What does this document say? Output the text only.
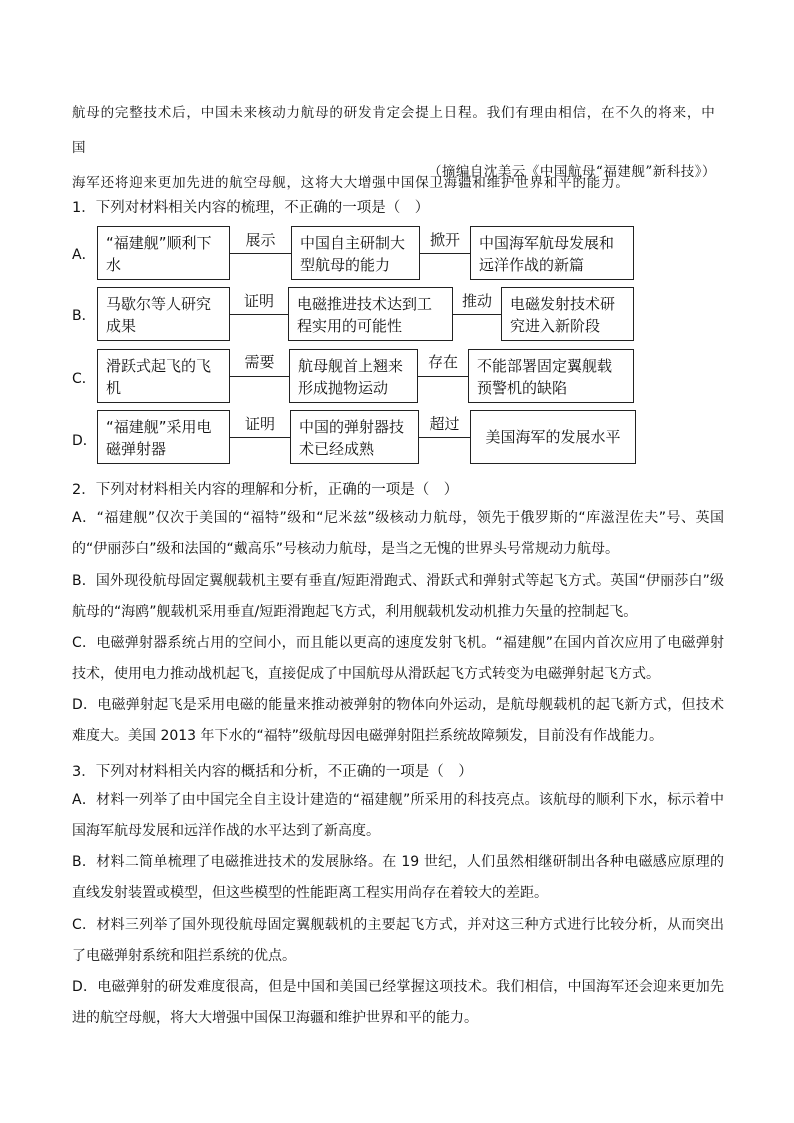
航母的完整技术后，中国未来核动力航母的研发肯定会提上日程。我们有理由相信，在不久的将来，中国
海军还将迎来更加先进的航空母舰，这将大大增强中国保卫海疆和维护世界和平的能力。
（摘编自沈美云《中国航母“福建舰”新科技》）
1．下列对材料相关内容的梳理，不正确的一项是（　）
A．
“福建舰”顺利下水
展示	中国自主研制大型航母的能力
掀开	中国海军航母发展和远洋作战的新篇
B．
马歇尔等人研究成果
证明	电磁推进技术达到工程实用的可能性
推动	电磁发射技术研究进入新阶段
C．
滑跃式起飞的飞机
需要	航母舰首上翘来形成抛物运动
存在	不能部署固定翼舰载预警机的缺陷
D．
“福建舰”采用电磁弹射器
证明	中国的弹射器技术已经成熟
超过
美国海军的发展水平
2．下列对材料相关内容的理解和分析，正确的一项是（　）
A．“福建舰”仅次于美国的“福特”级和“尼米兹”级核动力航母，领先于俄罗斯的“库滋涅佐夫”号、英国的“伊丽莎白”级和法国的“戴高乐”号核动力航母，是当之无愧的世界头号常规动力航母。
B．国外现役航母固定翼舰载机主要有垂直/短距滑跑式、滑跃式和弹射式等起飞方式。英国“伊丽莎白”级航母的“海鸥”舰载机采用垂直/短距滑跑起飞方式，利用舰载机发动机推力矢量的控制起飞。
C．电磁弹射器系统占用的空间小，而且能以更高的速度发射飞机。“福建舰”在国内首次应用了电磁弹射技术，使用电力推动战机起飞，直接促成了中国航母从滑跃起飞方式转变为电磁弹射起飞方式。
D．电磁弹射起飞是采用电磁的能量来推动被弹射的物体向外运动，是航母舰载机的起飞新方式，但技术难度大。美国 2013 年下水的“福特”级航母因电磁弹射阻拦系统故障频发，目前没有作战能力。
3．下列对材料相关内容的概括和分析，不正确的一项是（　）
A．材料一列举了由中国完全自主设计建造的“福建舰”所采用的科技亮点。该航母的顺利下水，标示着中国海军航母发展和远洋作战的水平达到了新高度。
B．材料二简单梳理了电磁推进技术的发展脉络。在 19 世纪，人们虽然相继研制出各种电磁感应原理的直线发射装置或模型，但这些模型的性能距离工程实用尚存在着较大的差距。
C．材料三列举了国外现役航母固定翼舰载机的主要起飞方式，并对这三种方式进行比较分析，从而突出了电磁弹射系统和阻拦系统的优点。
D．电磁弹射的研发难度很高，但是中国和美国已经掌握这项技术。我们相信，中国海军还会迎来更加先进的航空母舰，将大大增强中国保卫海疆和维护世界和平的能力。
